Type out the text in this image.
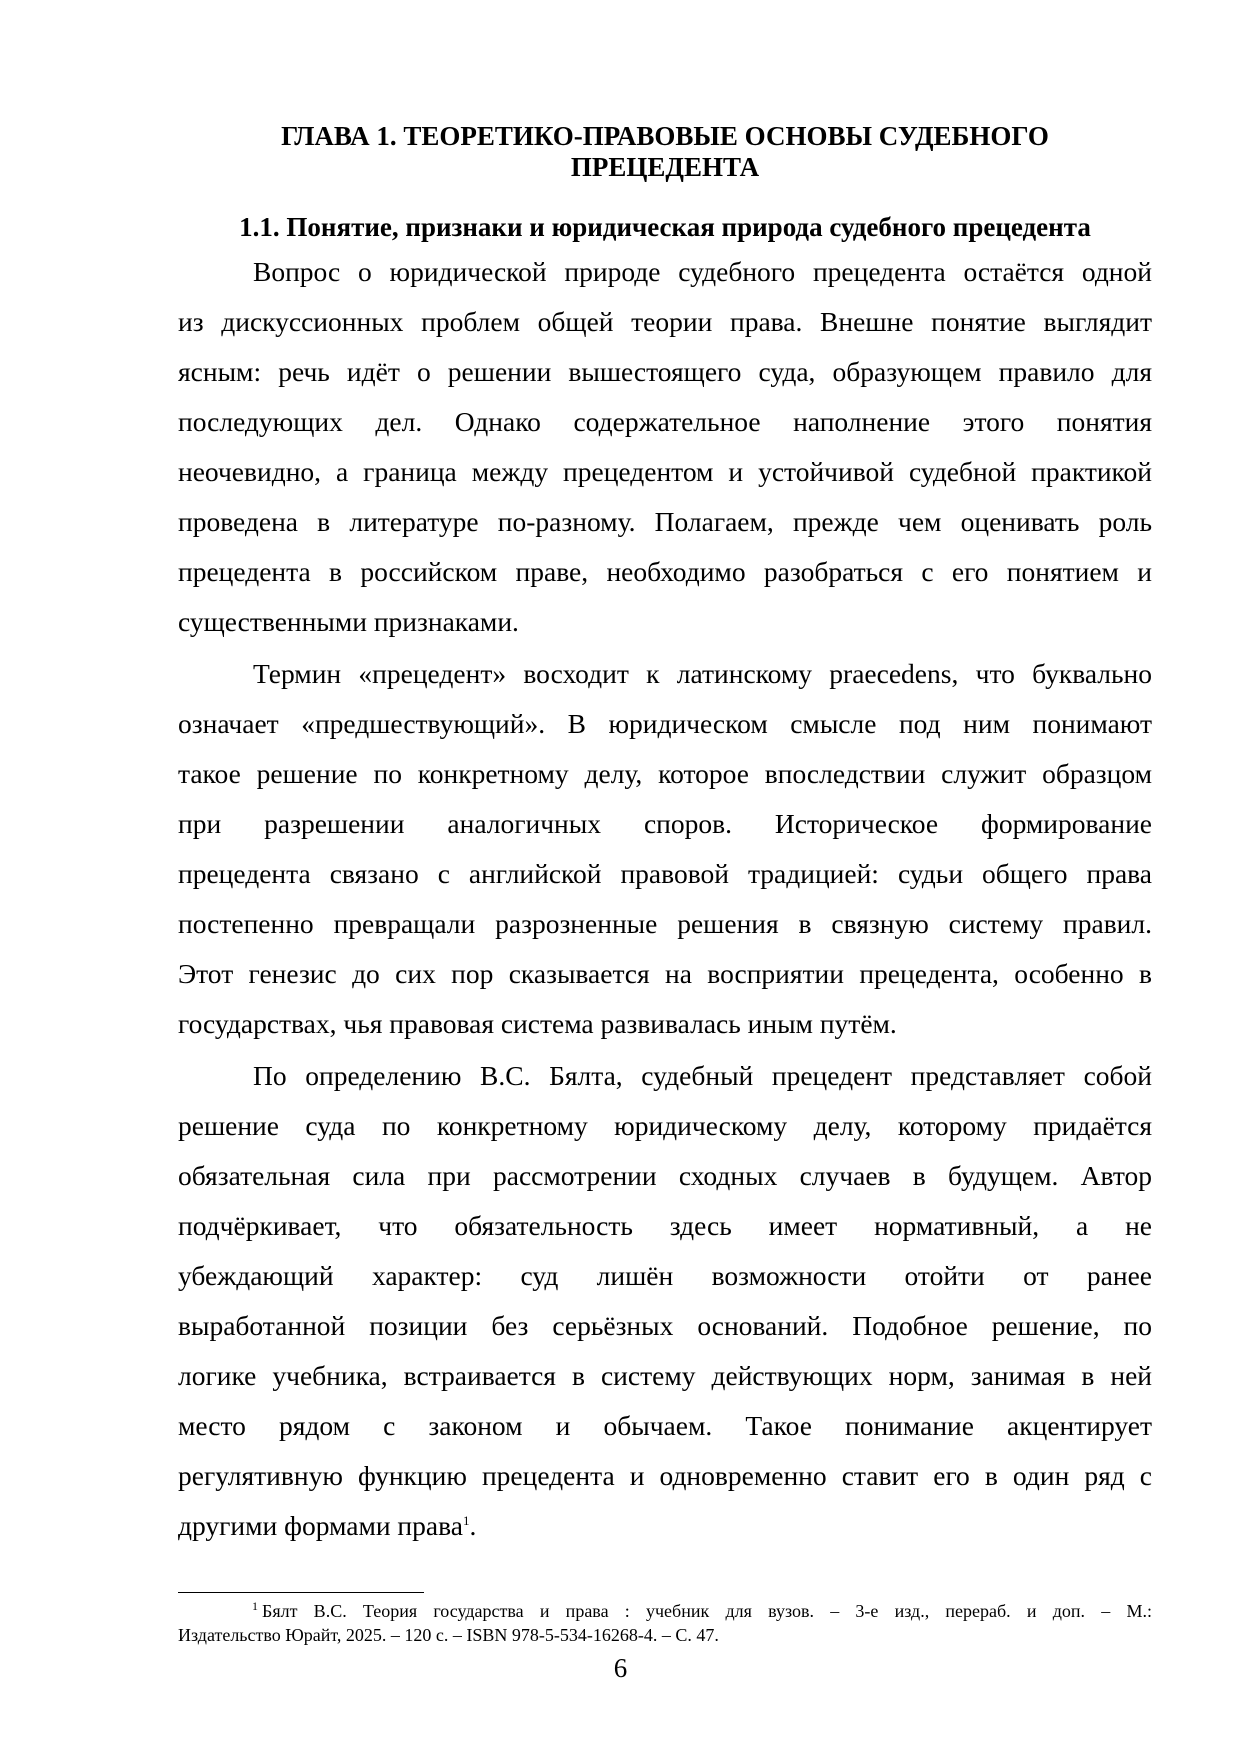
ГЛАВА 1. ТЕОРЕТИКО-ПРАВОВЫЕ ОСНОВЫ СУДЕБНОГО
ПРЕЦЕДЕНТА
1.1. Понятие, признаки и юридическая природа судебного прецедента
Вопрос о юридической природе судебного прецедента остаётся одной
из дискуссионных проблем общей теории права. Внешне понятие выглядит
ясным: речь идёт о решении вышестоящего суда, образующем правило для
последующих дел. Однако содержательное наполнение этого понятия
неочевидно, а граница между прецедентом и устойчивой судебной практикой
проведена в литературе по-разному. Полагаем, прежде чем оценивать роль
прецедента в российском праве, необходимо разобраться с его понятием и
существенными признаками.
Термин «прецедент» восходит к латинскому praecedens, что буквально
означает «предшествующий». В юридическом смысле под ним понимают
такое решение по конкретному делу, которое впоследствии служит образцом
при разрешении аналогичных споров. Историческое формирование
прецедента связано с английской правовой традицией: судьи общего права
постепенно превращали разрозненные решения в связную систему правил.
Этот генезис до сих пор сказывается на восприятии прецедента, особенно в
государствах, чья правовая система развивалась иным путём.
По определению В.С. Бялта, судебный прецедент представляет собой
решение суда по конкретному юридическому делу, которому придаётся
обязательная сила при рассмотрении сходных случаев в будущем. Автор
подчёркивает, что обязательность здесь имеет нормативный, а не
убеждающий характер: суд лишён возможности отойти от ранее
выработанной позиции без серьёзных оснований. Подобное решение, по
логике учебника, встраивается в систему действующих норм, занимая в ней
место рядом с законом и обычаем. Такое понимание акцентирует
регулятивную функцию прецедента и одновременно ставит его в один ряд с
другими формами права$^1$.
$^1$ Бялт В.С. Теория государства и права : учебник для вузов. – 3-е изд., перераб. и доп. – М.:
Издательство Юрайт, 2025. – 120 с. – ISBN 978-5-534-16268-4. – С. 47.
6
